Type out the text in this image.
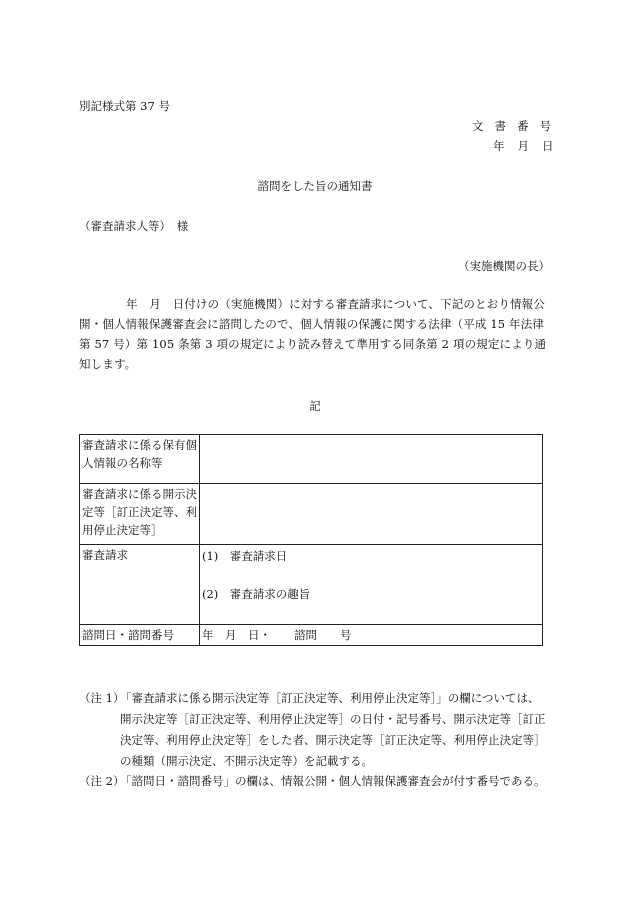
別記様式第 37 号
文書番号
年月日
諮問をした旨の通知書
（審査請求人等）　様
（実施機関の長）
年　月　日付けの（実施機関）に対する審査請求について、下記のとおり情報公開・個人情報保護審査会に諮問したので、個人情報の保護に関する法律（平成 15 年法律第 57 号）第 105 条第 3 項の規定により読み替えて準用する同条第 2 項の規定により通知します。
記
審査請求に係る保有個人情報の名称等	
審査請求に係る開示決定等［訂正決定等、利用停止決定等］	
審査請求	(1)　審査請求日
(2)　審査請求の趣旨

諮問日・諮問番号	年　月　日・　　諮問　　号
（注 1）
「審査請求に係る開示決定等［訂正決定等、利用停止決定等］」の欄については、開示決定等［訂正決定等、利用停止決定等］の日付・記号番号、開示決定等［訂正決定等、利用停止決定等］をした者、開示決定等［訂正決定等、利用停止決定等］の種類（開示決定、不開示決定等）を記載する。
（注 2）
「諮問日・諮問番号」の欄は、情報公開・個人情報保護審査会が付す番号である。
